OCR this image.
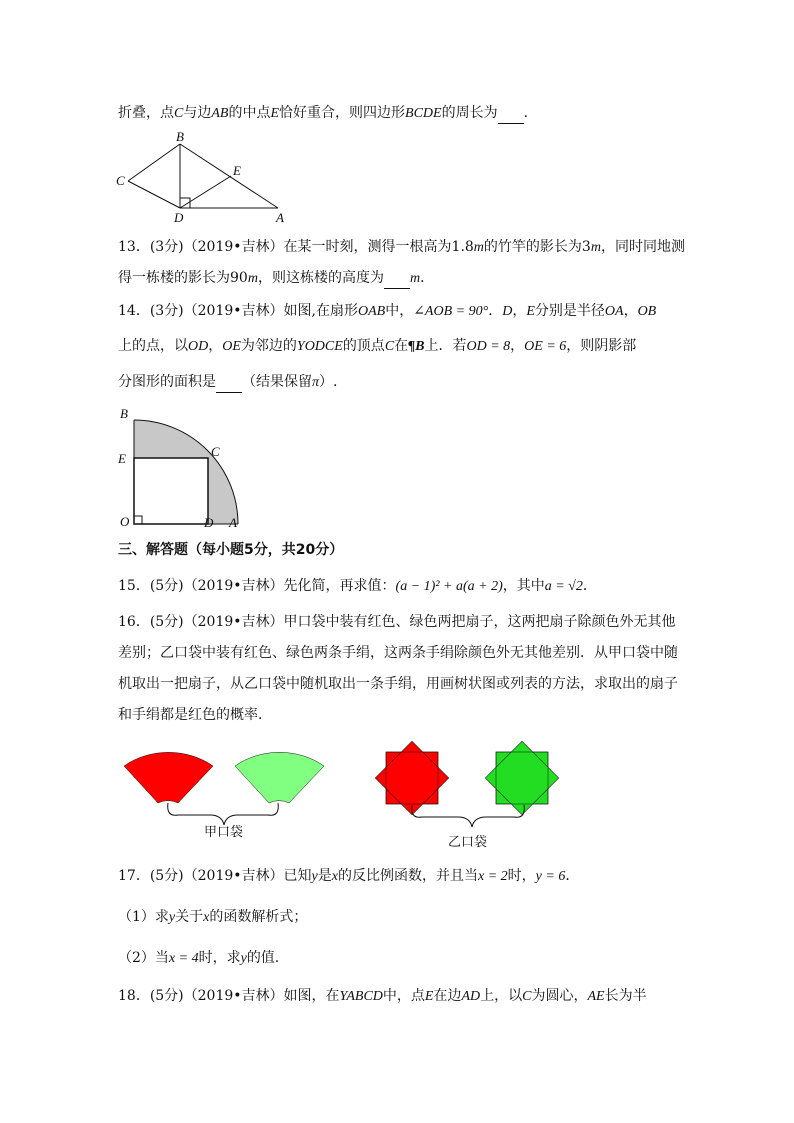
折叠，点C与边AB的中点E恰好重合，则四边形BCDE的周长为 .
B
C
E
D	A
13．(3分)（2019•吉林）在某一时刻，测得一根高为1.8m的竹竿的影长为3m，同时同地测
得一栋楼的影长为90m，则这栋楼的高度为 m．
14．(3分)（2019•吉林）如图,在扇形OAB中，∠AOB = 90°．D，E分别是半径OA，OB
上的点，以OD，OE为邻边的YODCE的顶点C在¶B上．若OD = 8，OE = 6，则阴影部
分图形的面积是 （结果保留π）.
B
C
E
O	D A
三、解答题（每小题5分，共20分）
15．(5分)（2019•吉林）先化简，再求值：(a − 1)² + a(a + 2)，其中a = √2．
16．(5分)（2019•吉林）甲口袋中装有红色、绿色两把扇子，这两把扇子除颜色外无其他
差别；乙口袋中装有红色、绿色两条手绢，这两条手绢除颜色外无其他差别．从甲口袋中随
机取出一把扇子，从乙口袋中随机取出一条手绢，用画树状图或列表的方法，求取出的扇子
和手绢都是红色的概率．
甲口袋
乙口袋
17．(5分)（2019•吉林）已知y是x的反比例函数，并且当x = 2时，y = 6．
（1）求y关于x的函数解析式；
（2）当x = 4时，求y的值.
18．(5分)（2019•吉林）如图，在YABCD中，点E在边AD上，以C为圆心，AE长为半
